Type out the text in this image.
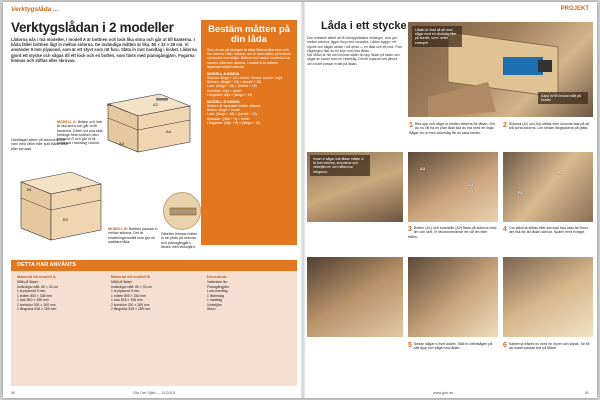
Verktygslåda ...
Verktygslådan i 2 modeller
Lådorna nås i två modeller, I modell A är bottnen och lock lika stora och går ut till kanterna. I båda fäller bottnen lågt in mellan sidorna. De invändiga måtten är lika, 80 × 33 × 28 cm. Vi använder 9 mm plywood, som är ett styvt som rät furu. Släta in mot handtag i locket. Lådorna gjord ett stycke och sågas till ett lock och en botten, som fästs med pianogångjärn. Fogarna limmas och stiftas eller skruvas.
A1	A2
A3
A4
MODELL A: Botten och lock är lika stora och går ut till kanterna. Delen vid ena sida förlängs hela bottnen med plywood Ö och går ut till kanterna i handtag i locket.
B1	B2
B3
Handtaget sätter på sidorna till ett varv med vitlim eller spik Båda sidor eller skruvas.
MODELL B: Bottnen passas in mellan sidorna. Det är ersättningsmodell som ger en stabilare låda.
Därefter limmas botten in sin plats på sidorna och pianogångjärn fästes med vinkeljärn.
Bestäm måtten på din låda

Som du ser på ritningen är båda lådorna lika stora och har samma mått i sidorna, det är bara måttet på bottnen och locket som skiljer. Bottnen och locket i modell A har samma mått som sidorna, i modell B är bottnen inpassad mellan sidorna.

MODELL A INSIDA

Sidorna: längd + 18 × bredd. Gavlar: bredd × höjd.

Bottnen: (längd + 18) × (bredd + 18)

Lock: (längd + 18) × (bredd + 18)

Kortsidor: höjd × bredd

Långsidor: höjd × (längd + 18)

MODELL B INSIDA

Bottnen är inpassad mellan sidorna.

Botten: längd × bredd

Lock: (längd + 18) × (bredd + 18)

Kortsidor: (höjd + 9) × bredd

Långsidor: (höjd + 9) × (längd + 18)

DETTA HAR ANVÄNTS
Material till modell A
Mått på lådan:
Invändiga mått: 80 × 33 cm
1 st plywood 9 mm
1 botten 800 × 338 mm
1 lock 800 × 338 mm
2 kortsidor 330 × 280 mm
2 långsidor 818 × 280 mm
Material till modell B
Mått på lådan:
Invändiga mått: 80 × 33 cm
1 st plywood 9 mm
1 botten 800 × 330 mm
1 lock 818 × 348 mm
2 kortsidor 330 × 289 mm
2 långsidor 818 × 289 mm
Dessutom:
Vattenfast lim
Pianogångjärn
Lock-handtag
1 låsbeslag
1 handtag
Vinkeljärn
Skruv
90	Gör Det Själv — 11/2015
PROJEKT
Låda i ett stycke
Den enklaste sättet att få verktygslådans rektangel, som gör mellan sidorna, ligger ihop med varandra. Lådan byggs i ett stycke och sågas sedan i två delar — en låda och ett lock. Före sågningen ritar du en linje runt hela lådan.
När lådan är hel och limmad sätter du upp lådan på sidan och sågar av locket med en cirkelsåg. Då blir fogarna helt jämna och locket passar exakt på lådan.
Lådan är ritad så att man sågar med en sticksåg eller på bordet, som i detta exempel.
Kapa av till önskat mått på bordet
1 Rita upp och såga ut mellan delarna för lådan. Om du nu vill ha en plan låda ska du rita med en linjal. Sågar du ut med cirkelsåg får du raka kanter.
2 Sidorna (A3 och A4) stiftas eller skruvas fast på de två korta sidorna. Lim sedan långsidorna på plats.
Innan vi sågar isär lådan måste vi ta bort sidorna, skruvarna och vinkeljärnen och hålla kvar tvingarna.
A3
A4
B2
B1
3 Botten (A1) och svanstån (A2) fästs på sidorna med lim och stift. Vi rekommenderar ett vitt lim eller trälim.
4 Om sidorna stiftas eller skruvas fast utan lim finns det risk för att lådan skevar. Spänn med tvingar.
5 Sedan sågar vi bort locket. Ställ in cirkelsågen på rätt djup och såga runt lådan.	6 Kanterna fräses nu med en hyvel och slipas. Se till att locket passar bra på lådan.
www.gds.se	91
